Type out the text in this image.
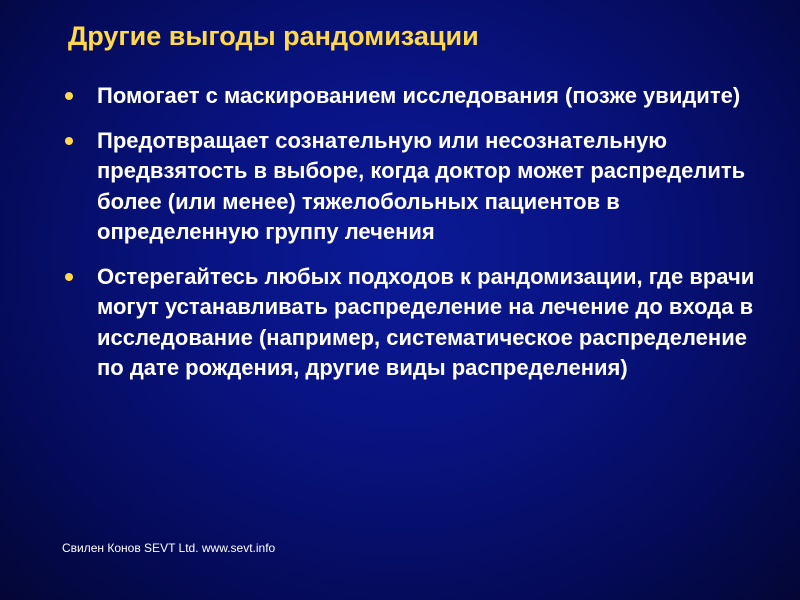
Другие выгоды рандомизации
Помогает с маскированием исследования (позже увидите)
Предотвращает сознательную или несознательную предвзятость в выборе, когда доктор может распределить более (или менее) тяжелобольных пациентов в определенную группу лечения
Остерегайтесь любых подходов к рандомизации, где врачи могут устанавливать распределение на лечение до входа в исследование (например, систематическое распределение по дате рождения, другие виды распределения)
Свилен Конов SEVT Ltd. www.sevt.info
